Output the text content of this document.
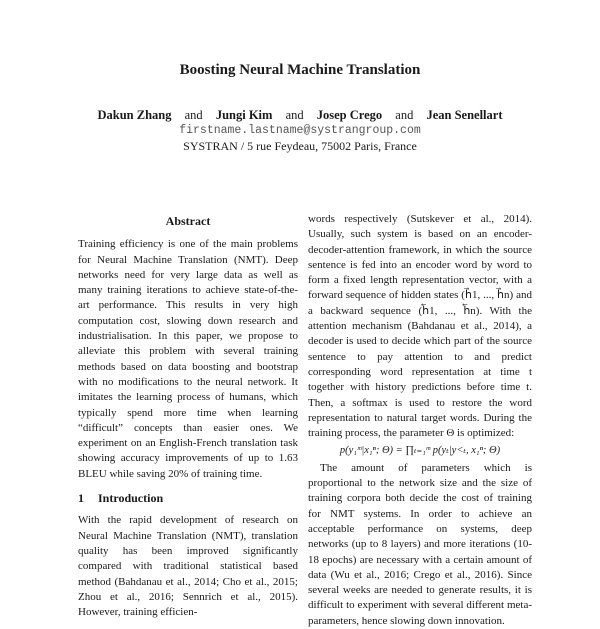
Boosting Neural Machine Translation
Dakun Zhang and Jungi Kim and Josep Crego and Jean Senellart
firstname.lastname@systrangroup.com
SYSTRAN / 5 rue Feydeau, 75002 Paris, France
Abstract

Training efficiency is one of the main problems for Neural Machine Translation (NMT). Deep networks need for very large data as well as many training iterations to achieve state-of-the-art performance. This results in very high computation cost, slowing down research and industrialisation. In this paper, we propose to alleviate this problem with several training methods based on data boosting and bootstrap with no modifications to the neural network. It imitates the learning process of humans, which typically spend more time when learning “difficult” concepts than easier ones. We experiment on an English-French translation task showing accuracy improvements of up to 1.63 BLEU while saving 20% of training time.

1 Introduction

With the rapid development of research on Neural Machine Translation (NMT), translation quality has been improved significantly compared with traditional statistical based method (Bahdanau et al., 2014; Cho et al., 2015; Zhou et al., 2016; Sennrich et al., 2015). However, training efficien-

words respectively (Sutskever et al., 2014). Usually, such system is based on an encoder-decoder-attention framework, in which the source sentence is fed into an encoder word by word to form a fixed length representation vector, with a forward sequence of hidden states (h⃗1, ..., h⃗n) and a backward sequence (h⃖1, ..., h⃖n). With the attention mechanism (Bahdanau et al., 2014), a decoder is used to decide which part of the source sentence to pay attention to and predict corresponding word representation at time t together with history predictions before time t. Then, a softmax is used to restore the word representation to natural target words. During the training process, the parameter Θ is optimized:

p(y₁ᵐ|x₁ⁿ; Θ) = ∏ₜ₌₁ᵐ p(yₜ|y<ₜ, x₁ⁿ; Θ)

The amount of parameters which is proportional to the network size and the size of training corpora both decide the cost of training for NMT systems. In order to achieve an acceptable performance on systems, deep networks (up to 8 layers) and more iterations (10-18 epochs) are necessary with a certain amount of data (Wu et al., 2016; Crego et al., 2016). Since several weeks are needed to generate results, it is difficult to experiment with several different meta-parameters, hence slowing down innovation.
